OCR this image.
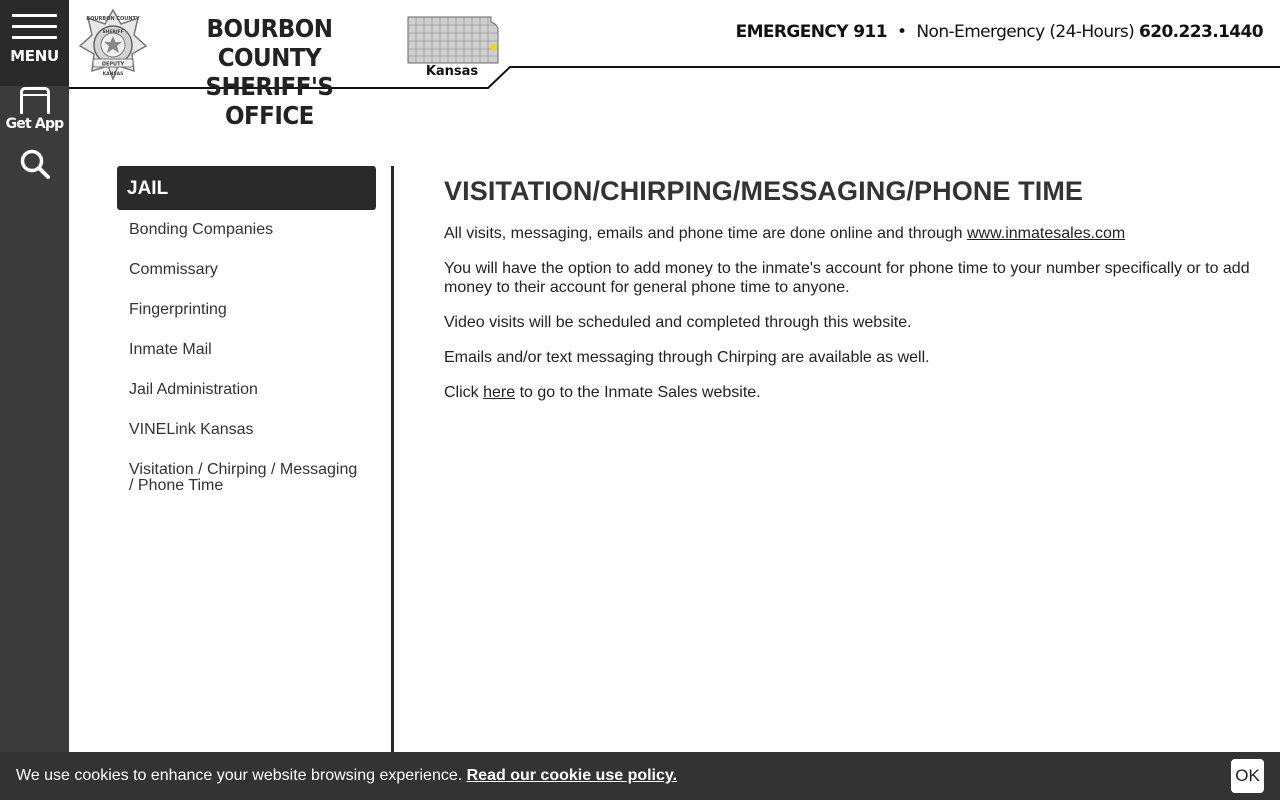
MENU
Get App
BOURBON COUNTY
SHERIFF
DEPUTY
KANSAS
BOURBON COUNTY
SHERIFF'S OFFICE
Kansas
EMERGENCY 911 • Non-Emergency (24-Hours) 620.223.1440
JAIL
Bonding Companies
Commissary
Fingerprinting
Inmate Mail
Jail Administration
VINELink Kansas
Visitation / Chirping / Messaging / Phone Time
VISITATION/CHIRPING/MESSAGING/PHONE TIME

All visits, messaging, emails and phone time are done online and through www.inmatesales.com

You will have the option to add money to the inmate's account for phone time to your number specifically or to add money to their account for general phone time to anyone.

Video visits will be scheduled and completed through this website.

Emails and/or text messaging through Chirping are available as well.

Click here to go to the Inmate Sales website.

We use cookies to enhance your website browsing experience. Read our cookie use policy.	OK
